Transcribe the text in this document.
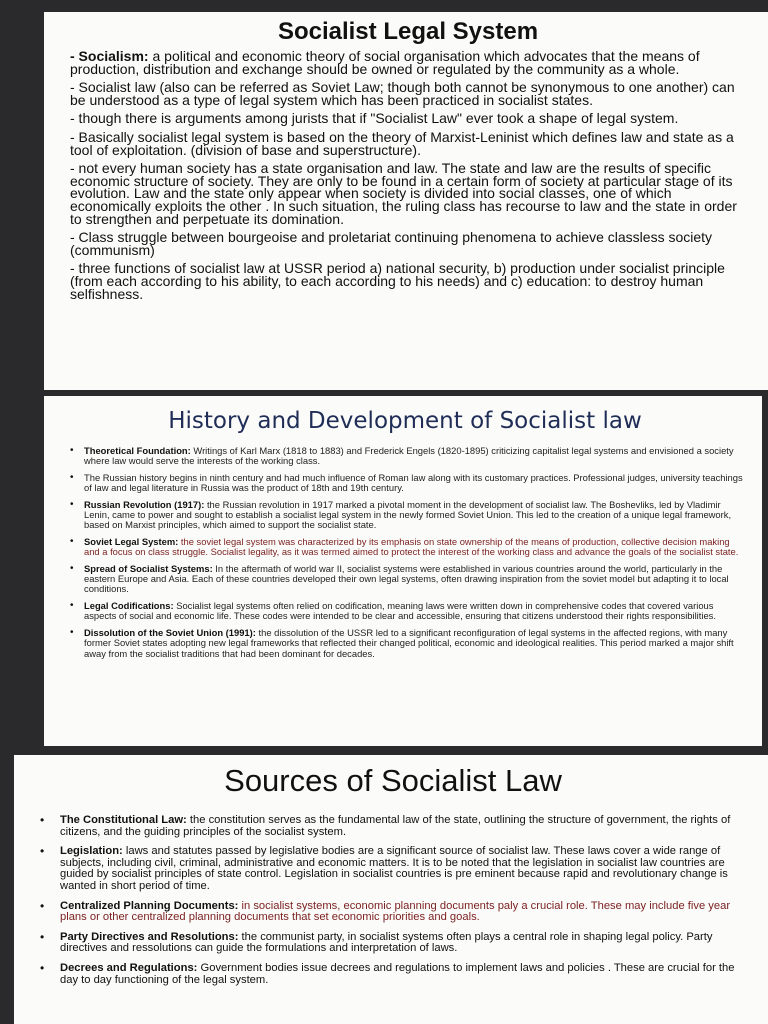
Socialist Legal System

- Socialism: a political and economic theory of social organisation which advocates that the means of production, distribution and exchange should be owned or regulated by the community as a whole.

- Socialist law (also can be referred as Soviet Law; though both cannot be synonymous to one another) can be understood as a type of legal system which has been practiced in socialist states.

- though there is arguments among jurists that if "Socialist Law" ever took a shape of legal system.

- Basically socialist legal system is based on the theory of Marxist-Leninist which defines law and state as a tool of exploitation. (division of base and superstructure).

- not every human society has a state organisation and law. The state and law are the results of specific economic structure of society. They are only to be found in a certain form of society at particular stage of its evolution. Law and the state only appear when society is divided into social classes, one of which economically exploits the other . In such situation, the ruling class has recourse to law and the state in order to strengthen and perpetuate its domination.

- Class struggle between bourgeoise and proletariat continuing phenomena to achieve classless society (communism)

- three functions of socialist law at USSR period a) national security, b) production under socialist principle (from each according to his ability, to each according to his needs) and c) education: to destroy human selfishness.

History and Development of Socialist law
• Theoretical Foundation: Writings of Karl Marx (1818 to 1883) and Frederick Engels (1820-1895) criticizing capitalist legal systems and envisioned a society where law would serve the interests of the working class.
• The Russian history begins in ninth century and had much influence of Roman law along with its customary practices. Professional judges, university teachings of law and legal literature in Russia was the product of 18th and 19th century.
• Russian Revolution (1917): the Russian revolution in 1917 marked a pivotal moment in the development of socialist law. The Boshevliks, led by Vladimir Lenin, came to power and sought to establish a socialist legal system in the newly formed Soviet Union. This led to the creation of a unique legal framework, based on Marxist principles, which aimed to support the socialist state.
• Soviet Legal System: the soviet legal system was characterized by its emphasis on state ownership of the means of production, collective decision making and a focus on class struggle. Socialist legality, as it was termed aimed to protect the interest of the working class and advance the goals of the socialist state.
• Spread of Socialist Systems: In the aftermath of world war II, socialist systems were established in various countries around the world, particularly in the eastern Europe and Asia. Each of these countries developed their own legal systems, often drawing inspiration from the soviet model but adapting it to local conditions.
• Legal Codifications: Socialist legal systems often relied on codification, meaning laws were written down in comprehensive codes that covered various aspects of social and economic life. These codes were intended to be clear and accessible, ensuring that citizens understood their rights responsibilities.
• Dissolution of the Soviet Union (1991): the dissolution of the USSR led to a significant reconfiguration of legal systems in the affected regions, with many former Soviet states adopting new legal frameworks that reflected their changed political, economic and ideological realities. This period marked a major shift away from the socialist traditions that had been dominant for decades.
Sources of Socialist Law
• The Constitutional Law: the constitution serves as the fundamental law of the state, outlining the structure of government, the rights of citizens, and the guiding principles of the socialist system.
• Legislation: laws and statutes passed by legislative bodies are a significant source of socialist law. These laws cover a wide range of subjects, including civil, criminal, administrative and economic matters. It is to be noted that the legislation in socialist law countries are guided by socialist principles of state control. Legislation in socialist countries is pre eminent because rapid and revolutionary change is wanted in short period of time.
• Centralized Planning Documents: in socialist systems, economic planning documents paly a crucial role. These may include five year plans or other centralized planning documents that set economic priorities and goals.
• Party Directives and Resolutions: the communist party, in socialist systems often plays a central role in shaping legal policy. Party directives and ressolutions can guide the formulations and interpretation of laws.
• Decrees and Regulations: Government bodies issue decrees and regulations to implement laws and policies . These are crucial for the day to day functioning of the legal system.
